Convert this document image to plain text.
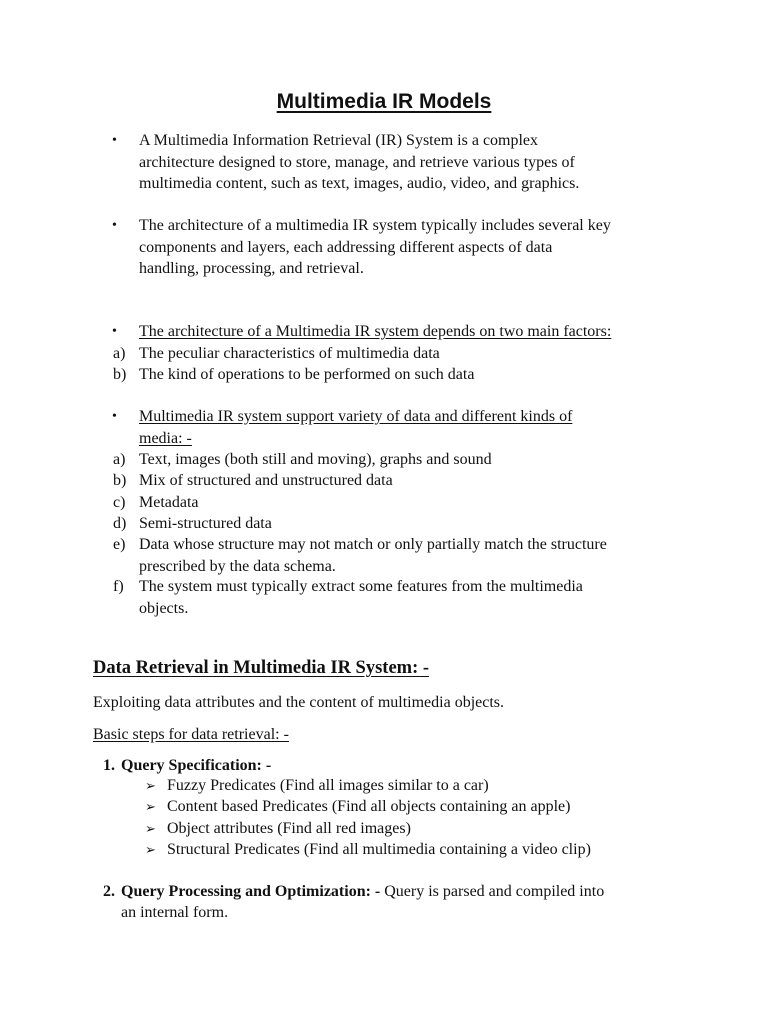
Multimedia IR Models
• A Multimedia Information Retrieval (IR) System is a complex
architecture designed to store, manage, and retrieve various types of
multimedia content, such as text, images, audio, video, and graphics.
• The architecture of a multimedia IR system typically includes several key
components and layers, each addressing different aspects of data
handling, processing, and retrieval.
• The architecture of a Multimedia IR system depends on two main factors:
a) The peculiar characteristics of multimedia data
b) The kind of operations to be performed on such data
• Multimedia IR system support variety of data and different kinds of
media: -
a) Text, images (both still and moving), graphs and sound
b) Mix of structured and unstructured data
c) Metadata
d) Semi-structured data
e) Data whose structure may not match or only partially match the structure
prescribed by the data schema.
f) The system must typically extract some features from the multimedia
objects.
Data Retrieval in Multimedia IR System: -
Exploiting data attributes and the content of multimedia objects.
Basic steps for data retrieval: -
1. Query Specification: -
➢ Fuzzy Predicates (Find all images similar to a car)
➢ Content based Predicates (Find all objects containing an apple)
➢ Object attributes (Find all red images)
➢ Structural Predicates (Find all multimedia containing a video clip)
2. Query Processing and Optimization: - Query is parsed and compiled into
an internal form.
